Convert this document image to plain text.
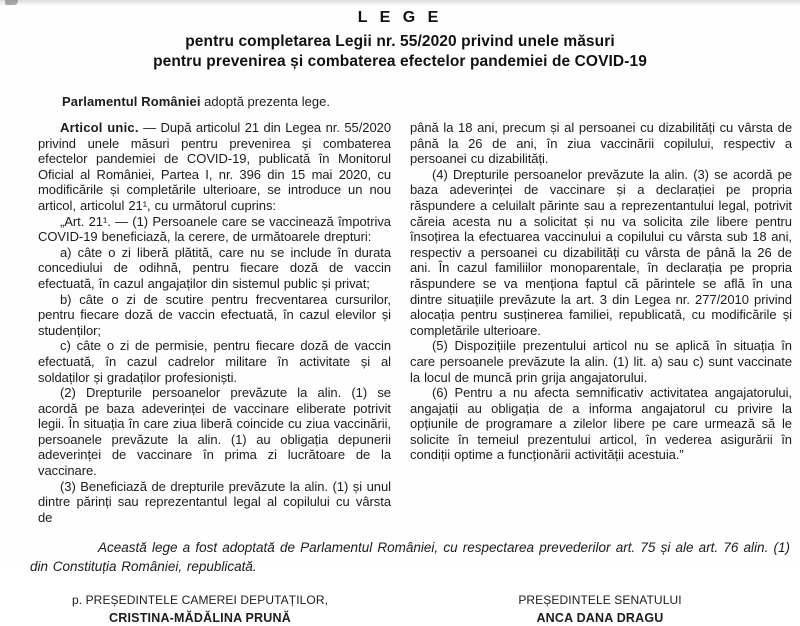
L E G E
pentru completarea Legii nr. 55/2020 privind unele măsuri
pentru prevenirea și combaterea efectelor pandemiei de COVID-19

Parlamentul României adoptă prezenta lege.

Articol unic. — După articolul 21 din Legea nr. 55/2020 privind unele măsuri pentru prevenirea și combaterea efectelor pandemiei de COVID-19, publicată în Monitorul Oficial al României, Partea I, nr. 396 din 15 mai 2020, cu modificările și completările ulterioare, se introduce un nou articol, articolul 21¹, cu următorul cuprins:

„Art. 21¹. — (1) Persoanele care se vaccinează împotriva COVID-19 beneficiază, la cerere, de următoarele drepturi:

a) câte o zi liberă plătită, care nu se include în durata concediului de odihnă, pentru fiecare doză de vaccin efectuată, în cazul angajaților din sistemul public și privat;

b) câte o zi de scutire pentru frecventarea cursurilor, pentru fiecare doză de vaccin efectuată, în cazul elevilor și studenților;

c) câte o zi de permisie, pentru fiecare doză de vaccin efectuată, în cazul cadrelor militare în activitate și al soldaților și gradaților profesioniști.

(2) Drepturile persoanelor prevăzute la alin. (1) se acordă pe baza adeverinței de vaccinare eliberate potrivit legii. În situația în care ziua liberă coincide cu ziua vaccinării, persoanele prevăzute la alin. (1) au obligația depunerii adeverinței de vaccinare în prima zi lucrătoare de la vaccinare.

(3) Beneficiază de drepturile prevăzute la alin. (1) și unul dintre părinți sau reprezentantul legal al copilului cu vârsta de

până la 18 ani, precum și al persoanei cu dizabilități cu vârsta de până la 26 de ani, în ziua vaccinării copilului, respectiv a persoanei cu dizabilități.

(4) Drepturile persoanelor prevăzute la alin. (3) se acordă pe baza adeverinței de vaccinare și a declarației pe propria răspundere a celuilalt părinte sau a reprezentantului legal, potrivit căreia acesta nu a solicitat și nu va solicita zile libere pentru însoțirea la efectuarea vaccinului a copilului cu vârsta sub 18 ani, respectiv a persoanei cu dizabilități cu vârsta de până la 26 de ani. În cazul familiilor monoparentale, în declarația pe propria răspundere se va menționa faptul că părintele se află în una dintre situațiile prevăzute la art. 3 din Legea nr. 277/2010 privind alocația pentru susținerea familiei, republicată, cu modificările și completările ulterioare.

(5) Dispozițiile prezentului articol nu se aplică în situația în care persoanele prevăzute la alin. (1) lit. a) sau c) sunt vaccinate la locul de muncă prin grija angajatorului.

(6) Pentru a nu afecta semnificativ activitatea angajatorului, angajații au obligația de a informa angajatorul cu privire la opțiunile de programare a zilelor libere pe care urmează să le solicite în temeiul prezentului articol, în vederea asigurării în condiții optime a funcționării activității acestuia.”

Această lege a fost adoptată de Parlamentul României, cu respectarea prevederilor art. 75 și ale art. 76 alin. (1) din Constituția României, republicată.

p. PREȘEDINTELE CAMEREI DEPUTAȚILOR,
CRISTINA-MĂDĂLINA PRUNĂ
PREȘEDINTELE SENATULUI
ANCA DANA DRAGU
